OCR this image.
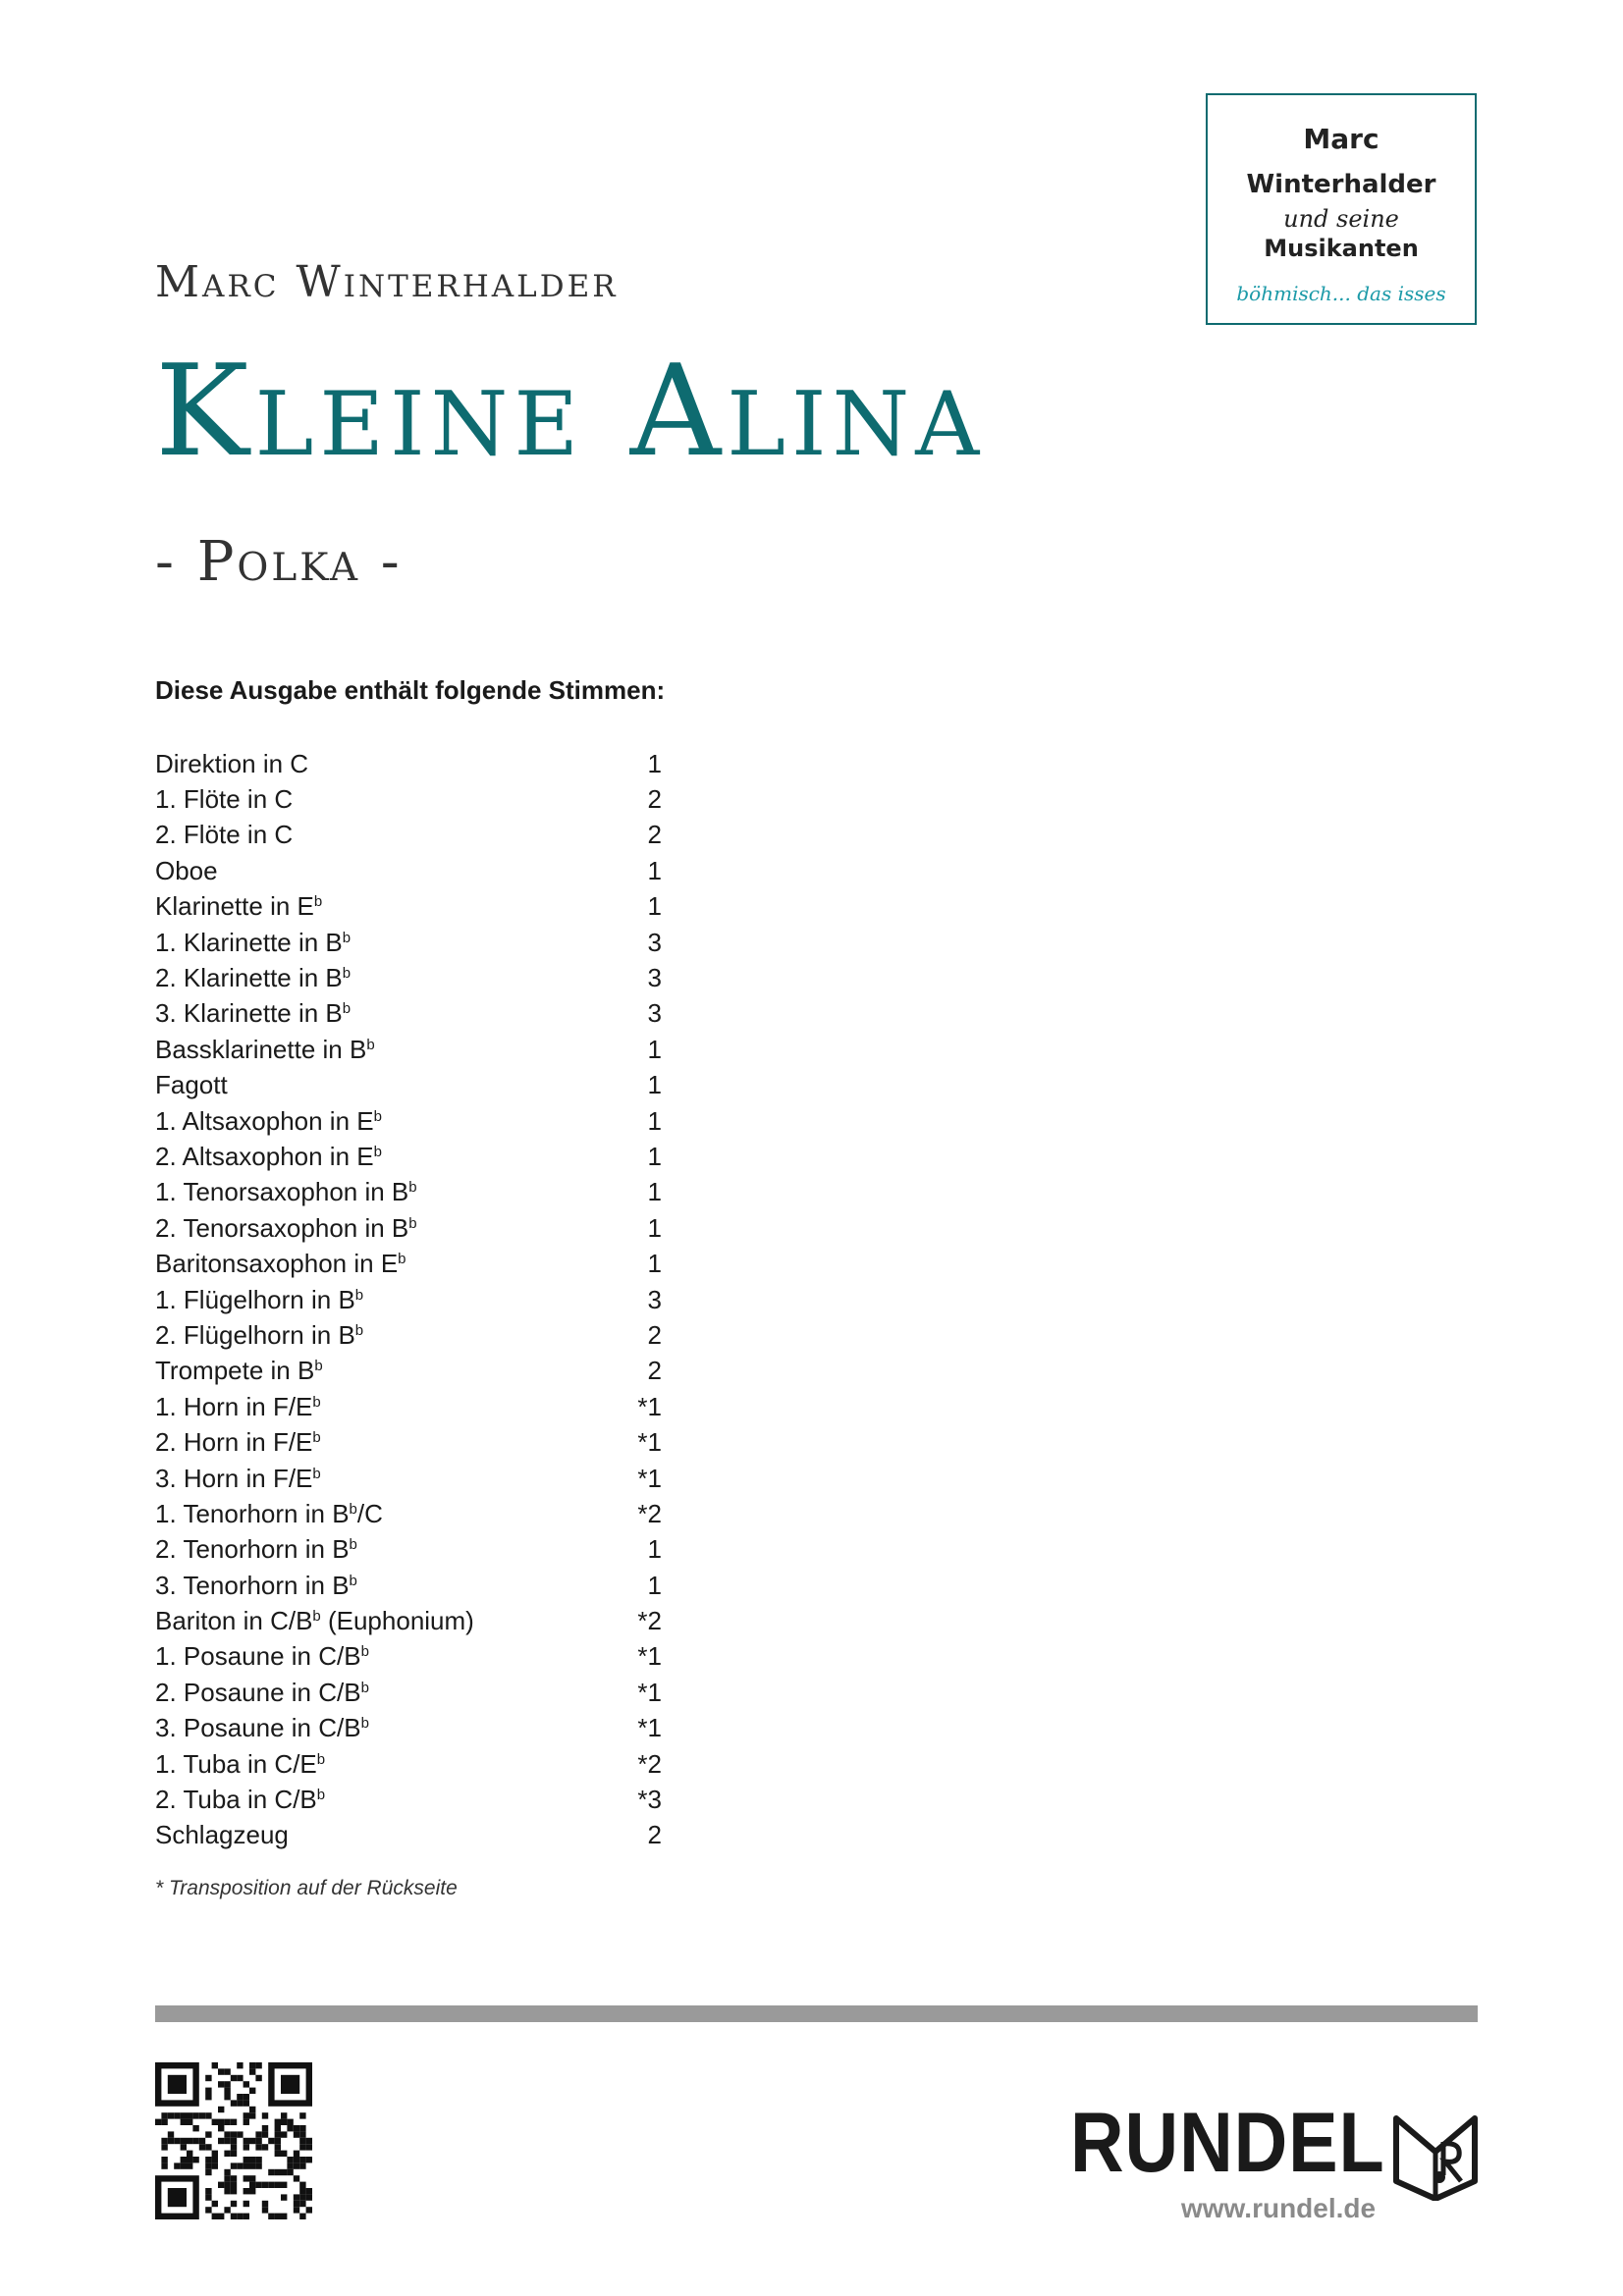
Marc Winterhalder
Kleine Alina
- Polka -
Marc
Winterhalder
und seine
Musikanten
böhmisch... das isses
Diese Ausgabe enthält folgende Stimmen:
Direktion in C	1
1. Flöte in C	2
2. Flöte in C	2
Oboe	1
Klarinette in $E^b$	1
1. Klarinette in $B^b$	3
2. Klarinette in $B^b$	3
3. Klarinette in $B^b$	3
Bassklarinette in $B^b$	1
Fagott	1
1. Altsaxophon in $E^b$	1
2. Altsaxophon in $E^b$	1
1. Tenorsaxophon in $B^b$	1
2. Tenorsaxophon in $B^b$	1
Baritonsaxophon in $E^b$	1
1. Flügelhorn in $B^b$	3
2. Flügelhorn in $B^b$	2
Trompete in $B^b$	2
1. Horn in $F/E^b$	*1
2. Horn in $F/E^b$	*1
3. Horn in $F/E^b$	*1
1. Tenorhorn in $B^b/C$	*2
2. Tenorhorn in $B^b$	1
3. Tenorhorn in $B^b$	1
Bariton in $C/B^b$ (Euphonium)	*2
1. Posaune in $C/B^b$	*1
2. Posaune in $C/B^b$	*1
3. Posaune in $C/B^b$	*1
1. Tuba in $C/E^b$	*2
2. Tuba in $C/B^b$	*3
Schlagzeug	2
* Transposition auf der Rückseite
RUNDEL
www.rundel.de
